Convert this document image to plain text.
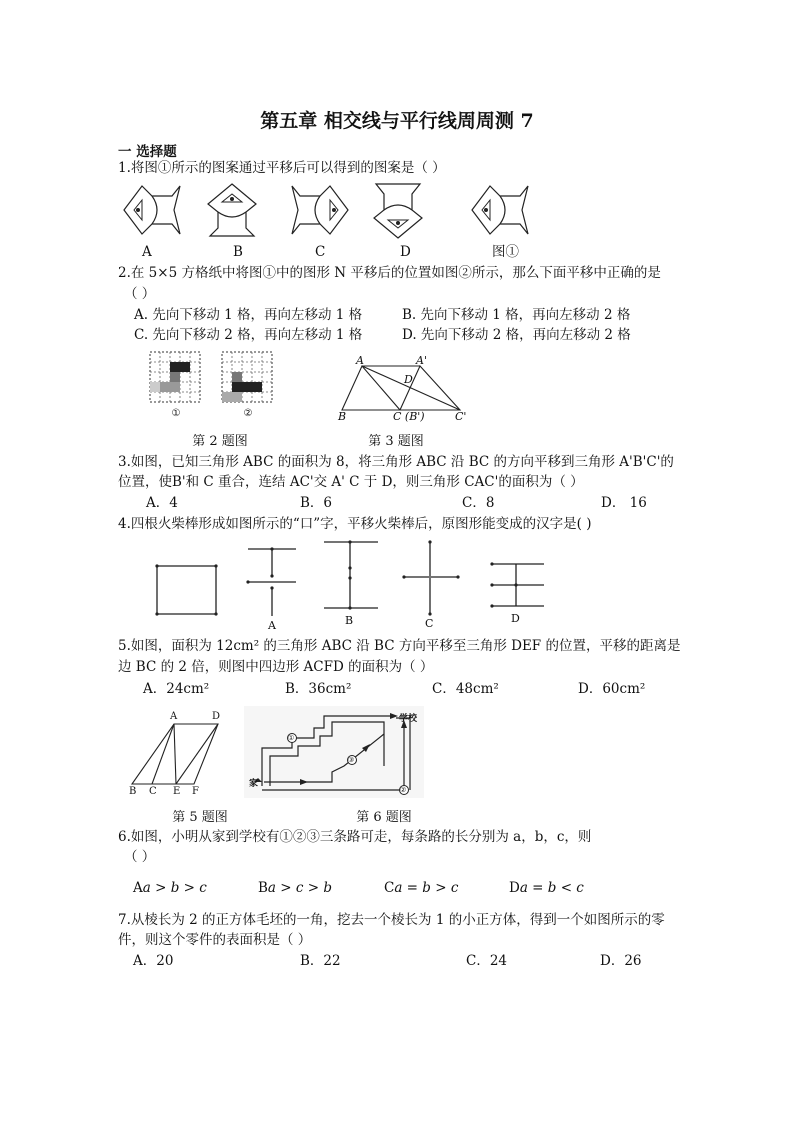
第五章 相交线与平行线周周测 7
一 选择题
1.将图①所示的图案通过平移后可以得到的图案是（ ）
A	B	C	D	图①
2.在 5×5 方格纸中将图①中的图形 N 平移后的位置如图②所示，那么下面平移中正确的是
（ ）
A. 先向下移动 1 格，再向左移动 1 格	B. 先向下移动 1 格，再向左移动 2 格
C. 先向下移动 2 格，再向左移动 1 格	D. 先向下移动 2 格，再向左移动 2 格
①	②
第 2 题图
A	A'
D
B	C (B')	C'
第 3 题图
3.如图，已知三角形 ABC 的面积为 8，将三角形 ABC 沿 BC 的方向平移到三角形 A'B'C'的
位置，使B'和 C 重合，连结 AC'交 A' C 于 D，则三角形 CAC'的面积为（ ）
A．4	B．6	C．8	D． 16
4.四根火柴棒形成如图所示的“口”字，平移火柴棒后，原图形能变成的汉字是( )
A	B	C	D
5.如图，面积为 12cm² 的三角形 ABC 沿 BC 方向平移至三角形 DEF 的位置，平移的距离是
边 BC 的 2 倍，则图中四边形 ACFD 的面积为（ ）
A．24cm²	B．36cm²	C．48cm²	D．60cm²
A	D
B C E F
第 5 题图
学校
家
①
②
③
第 6 题图
6.如图，小明从家到学校有①②③三条路可走，每条路的长分别为 a，b，c，则
（ ）
Aa > b > c	Ba > c > b	Ca = b > c	Da = b < c
7.从棱长为 2 的正方体毛坯的一角，挖去一个棱长为 1 的小正方体，得到一个如图所示的零
件，则这个零件的表面积是（ ）
A．20	B．22	C．24	D．26
